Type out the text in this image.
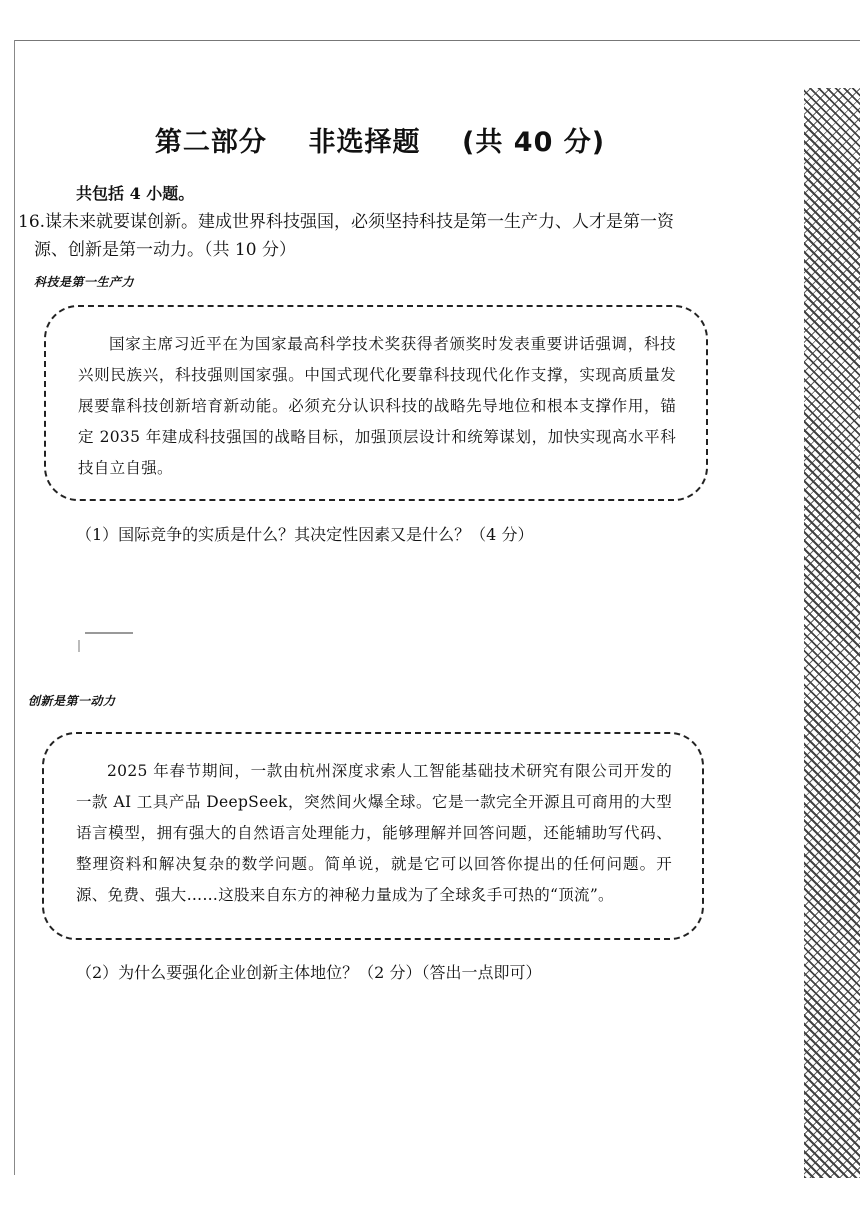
第二部分    非选择题    (共 40 分)
共包括 4 小题。
16.谋未来就要谋创新。建成世界科技强国，必须坚持科技是第一生产力、人才是第一资
源、创新是第一动力。（共 10 分）
科技是第一生产力

国家主席习近平在为国家最高科学技术奖获得者颁奖时发表重要讲话强调，科技兴则民族兴，科技强则国家强。中国式现代化要靠科技现代化作支撑，实现高质量发展要靠科技创新培育新动能。必须充分认识科技的战略先导地位和根本支撑作用，锚定 2035 年建成科技强国的战略目标，加强顶层设计和统筹谋划，加快实现高水平科技自立自强。

（1）国际竞争的实质是什么？其决定性因素又是什么？（4 分）
创新是第一动力

2025 年春节期间，一款由杭州深度求索人工智能基础技术研究有限公司开发的一款 AI 工具产品 DeepSeek，突然间火爆全球。它是一款完全开源且可商用的大型语言模型，拥有强大的自然语言处理能力，能够理解并回答问题，还能辅助写代码、整理资料和解决复杂的数学问题。简单说，就是它可以回答你提出的任何问题。开源、免费、强大……这股来自东方的神秘力量成为了全球炙手可热的“顶流”。

（2）为什么要强化企业创新主体地位？（2 分）（答出一点即可）
